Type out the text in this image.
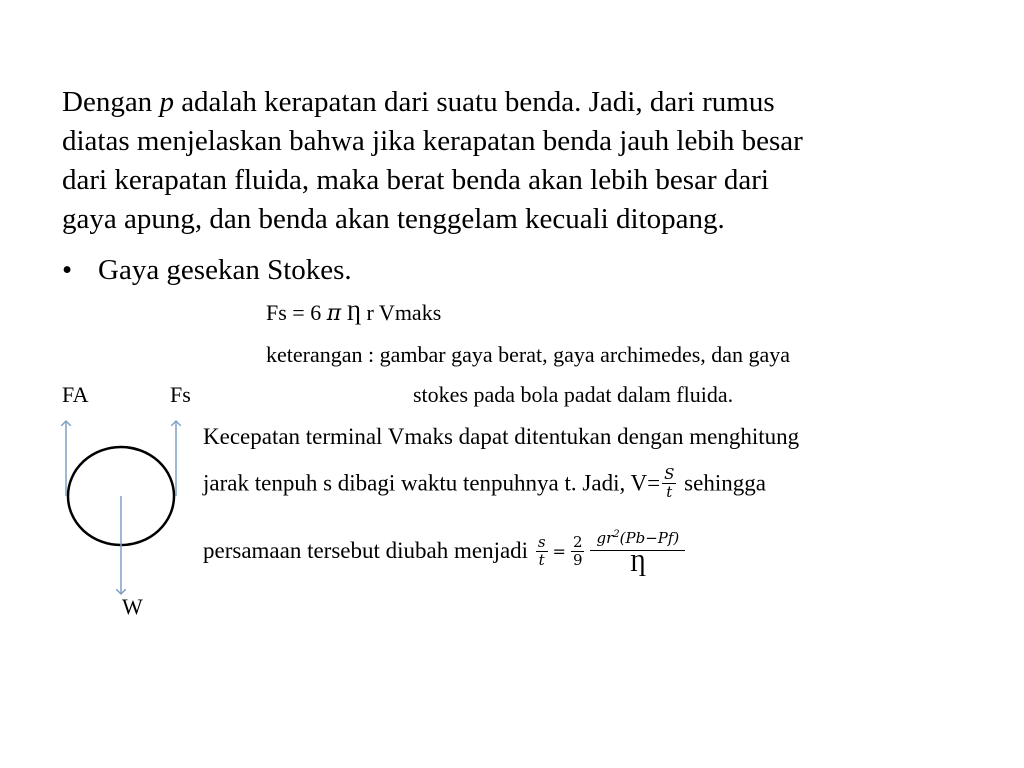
Dengan p adalah kerapatan dari suatu benda. Jadi, dari rumus
diatas menjelaskan bahwa jika kerapatan benda jauh lebih besar
dari kerapatan fluida, maka berat benda akan lebih besar dari
gaya apung, dan benda akan tenggelam kecuali ditopang.
• Gaya gesekan Stokes.
Fs = 6 π Ƞ r Vmaks
keterangan : gambar gaya berat, gaya archimedes, dan gaya
stokes pada bola padat dalam fluida.
FA	Fs
W
Kecepatan terminal Vmaks dapat ditentukan dengan menghitung
jarak tenpuh s dibagi waktu tenpuhnya t. Jadi, $V= \frac{S}{t}$ sehingga
persamaan tersebut diubah menjadi $\frac{s}{t} = \frac{2}{9} \frac{gr^2(Pb-Pf)}{Ƞ}$
